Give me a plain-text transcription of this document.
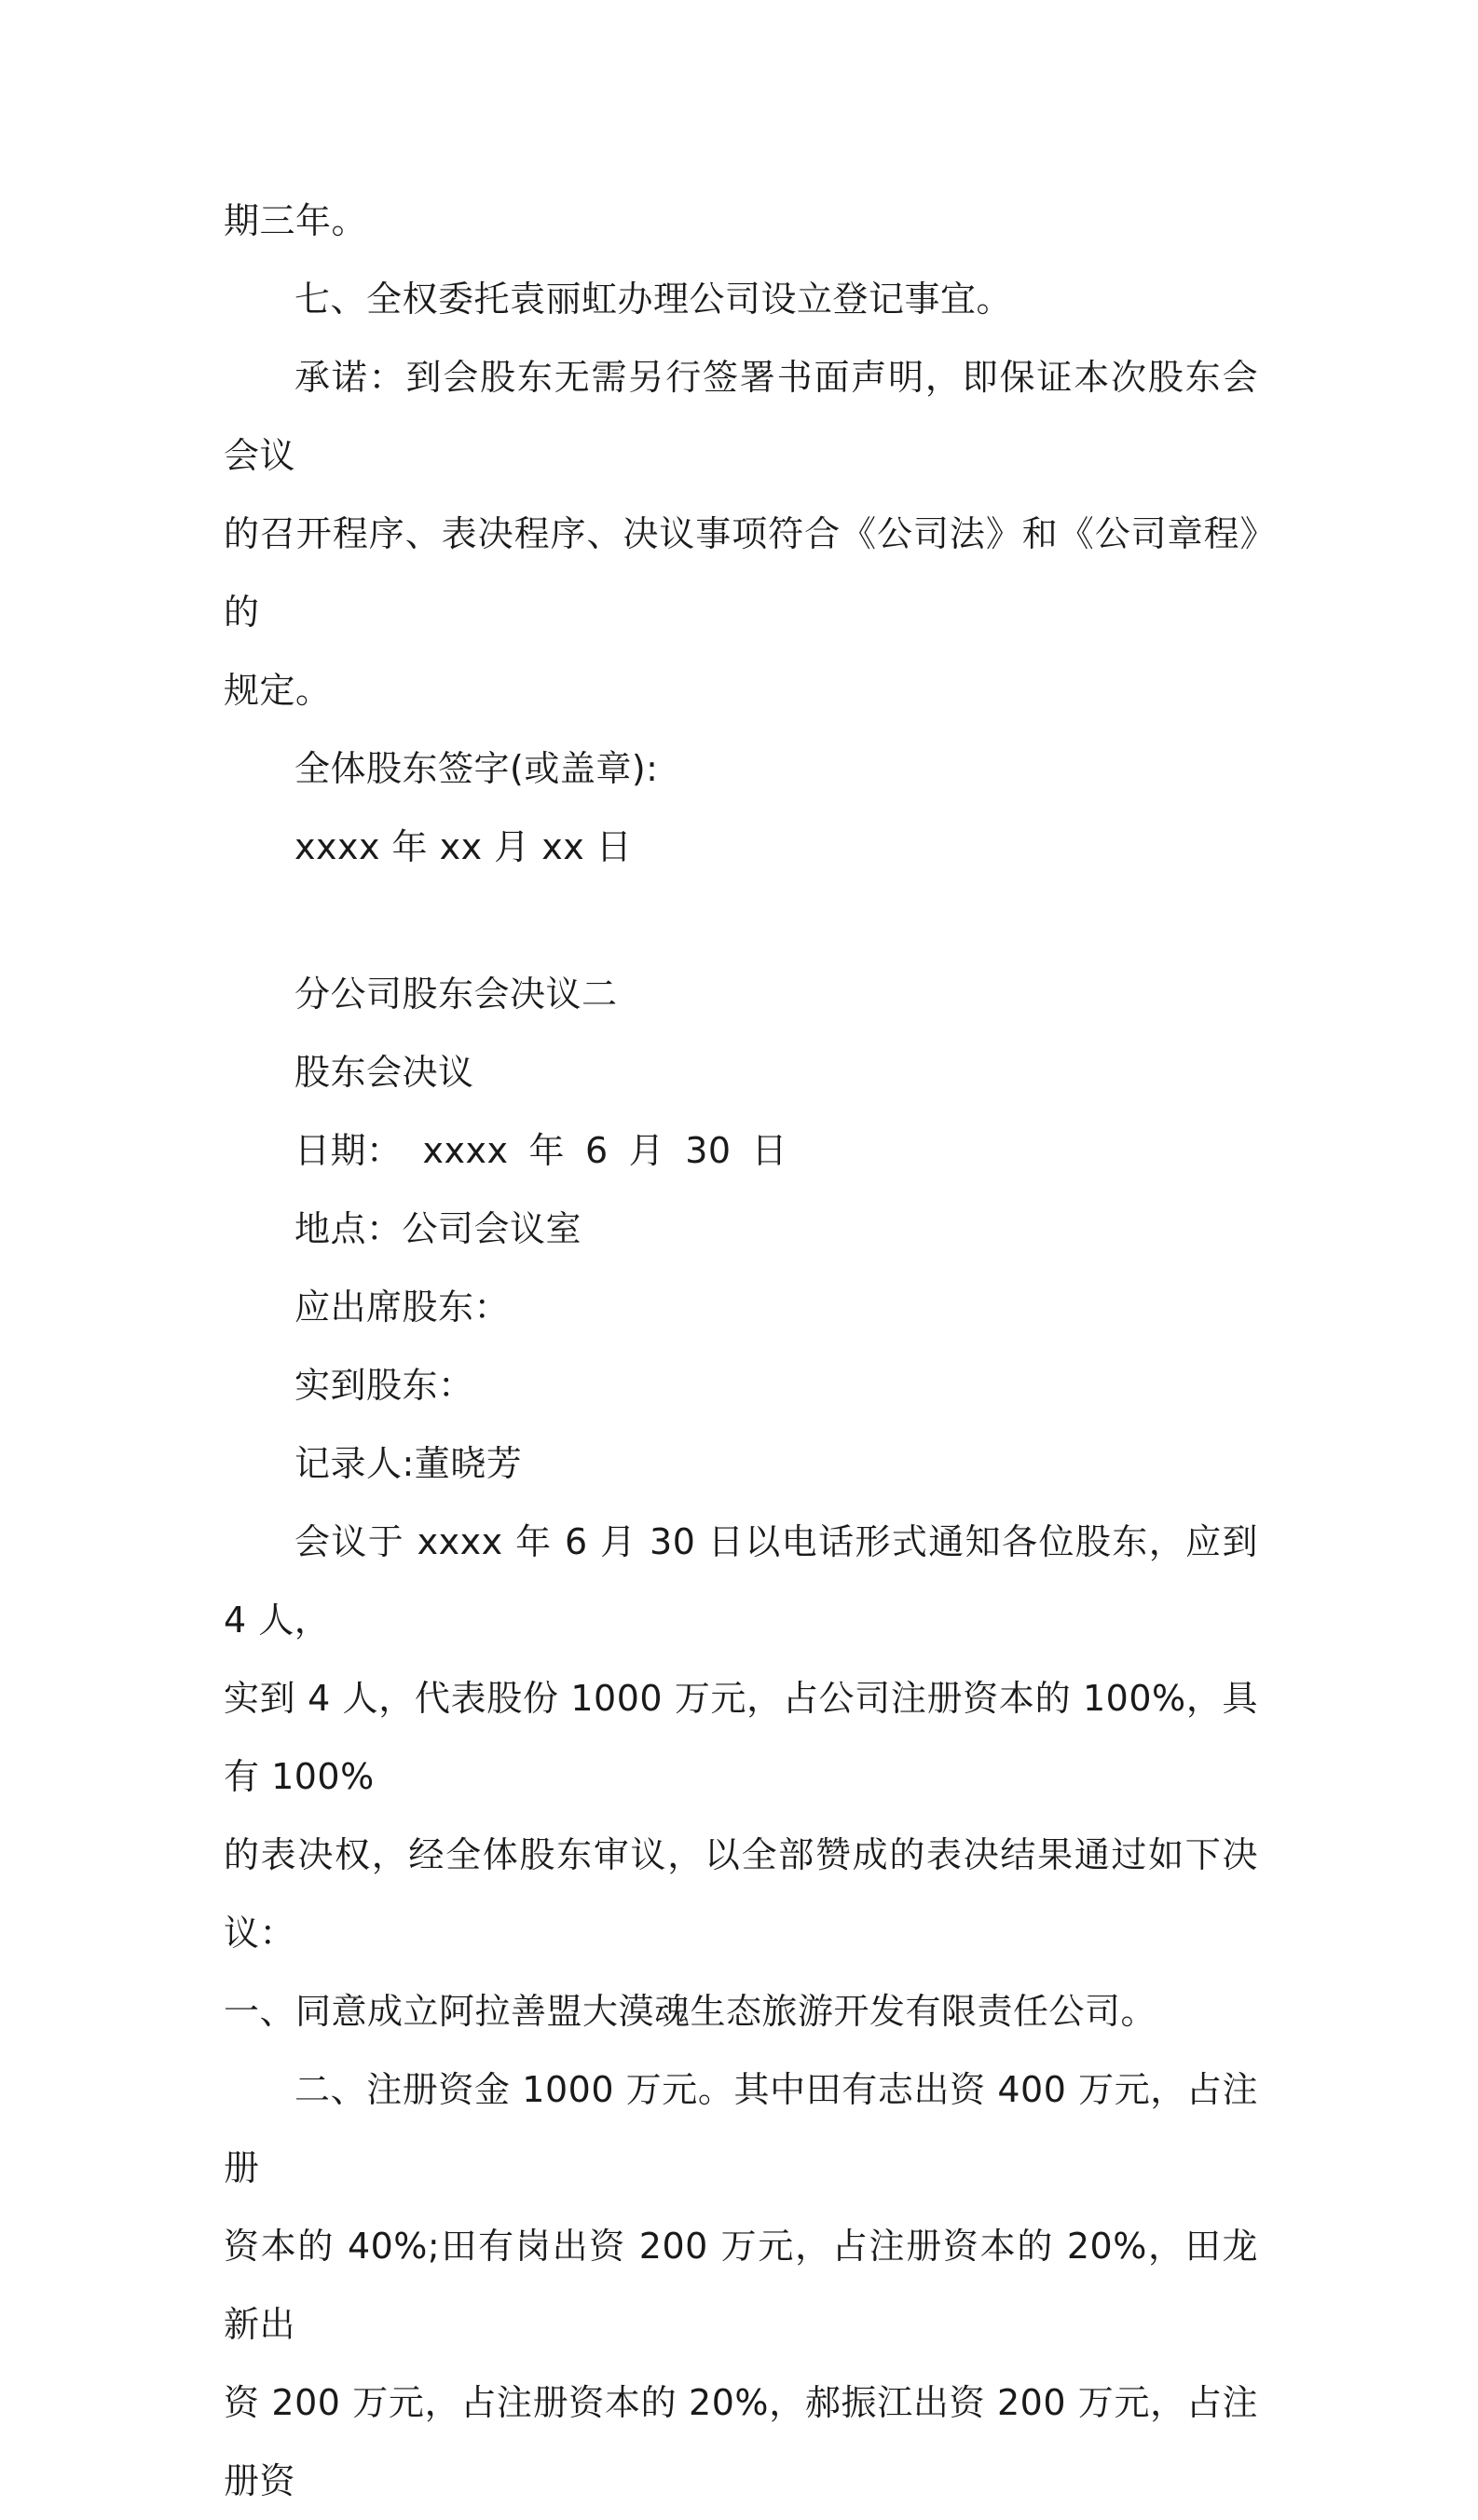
期三年。

七、全权委托袁丽虹办理公司设立登记事宜。

承诺：到会股东无需另行签署书面声明，即保证本次股东会会议
的召开程序、表决程序、决议事项符合《公司法》和《公司章程》的
规定。

全体股东签字(或盖章):

xxxx 年 xx 月 xx 日

分公司股东会决议二

股东会决议

日期： xxxx 年 6 月 30 日

地点：公司会议室

应出席股东：

实到股东：

记录人:董晓芳

会议于 xxxx 年 6 月 30 日以电话形式通知各位股东，应到 4 人，
实到 4 人，代表股份 1000 万元，占公司注册资本的 100%，具有 100%
的表决权，经全体股东审议，以全部赞成的表决结果通过如下决议：

一、同意成立阿拉善盟大漠魂生态旅游开发有限责任公司。

二、注册资金 1000 万元。其中田有志出资 400 万元，占注册
资本的 40%;田有岗出资 200 万元，占注册资本的 20%，田龙新出
资 200 万元，占注册资本的 20%，郝振江出资 200 万元，占注册资
